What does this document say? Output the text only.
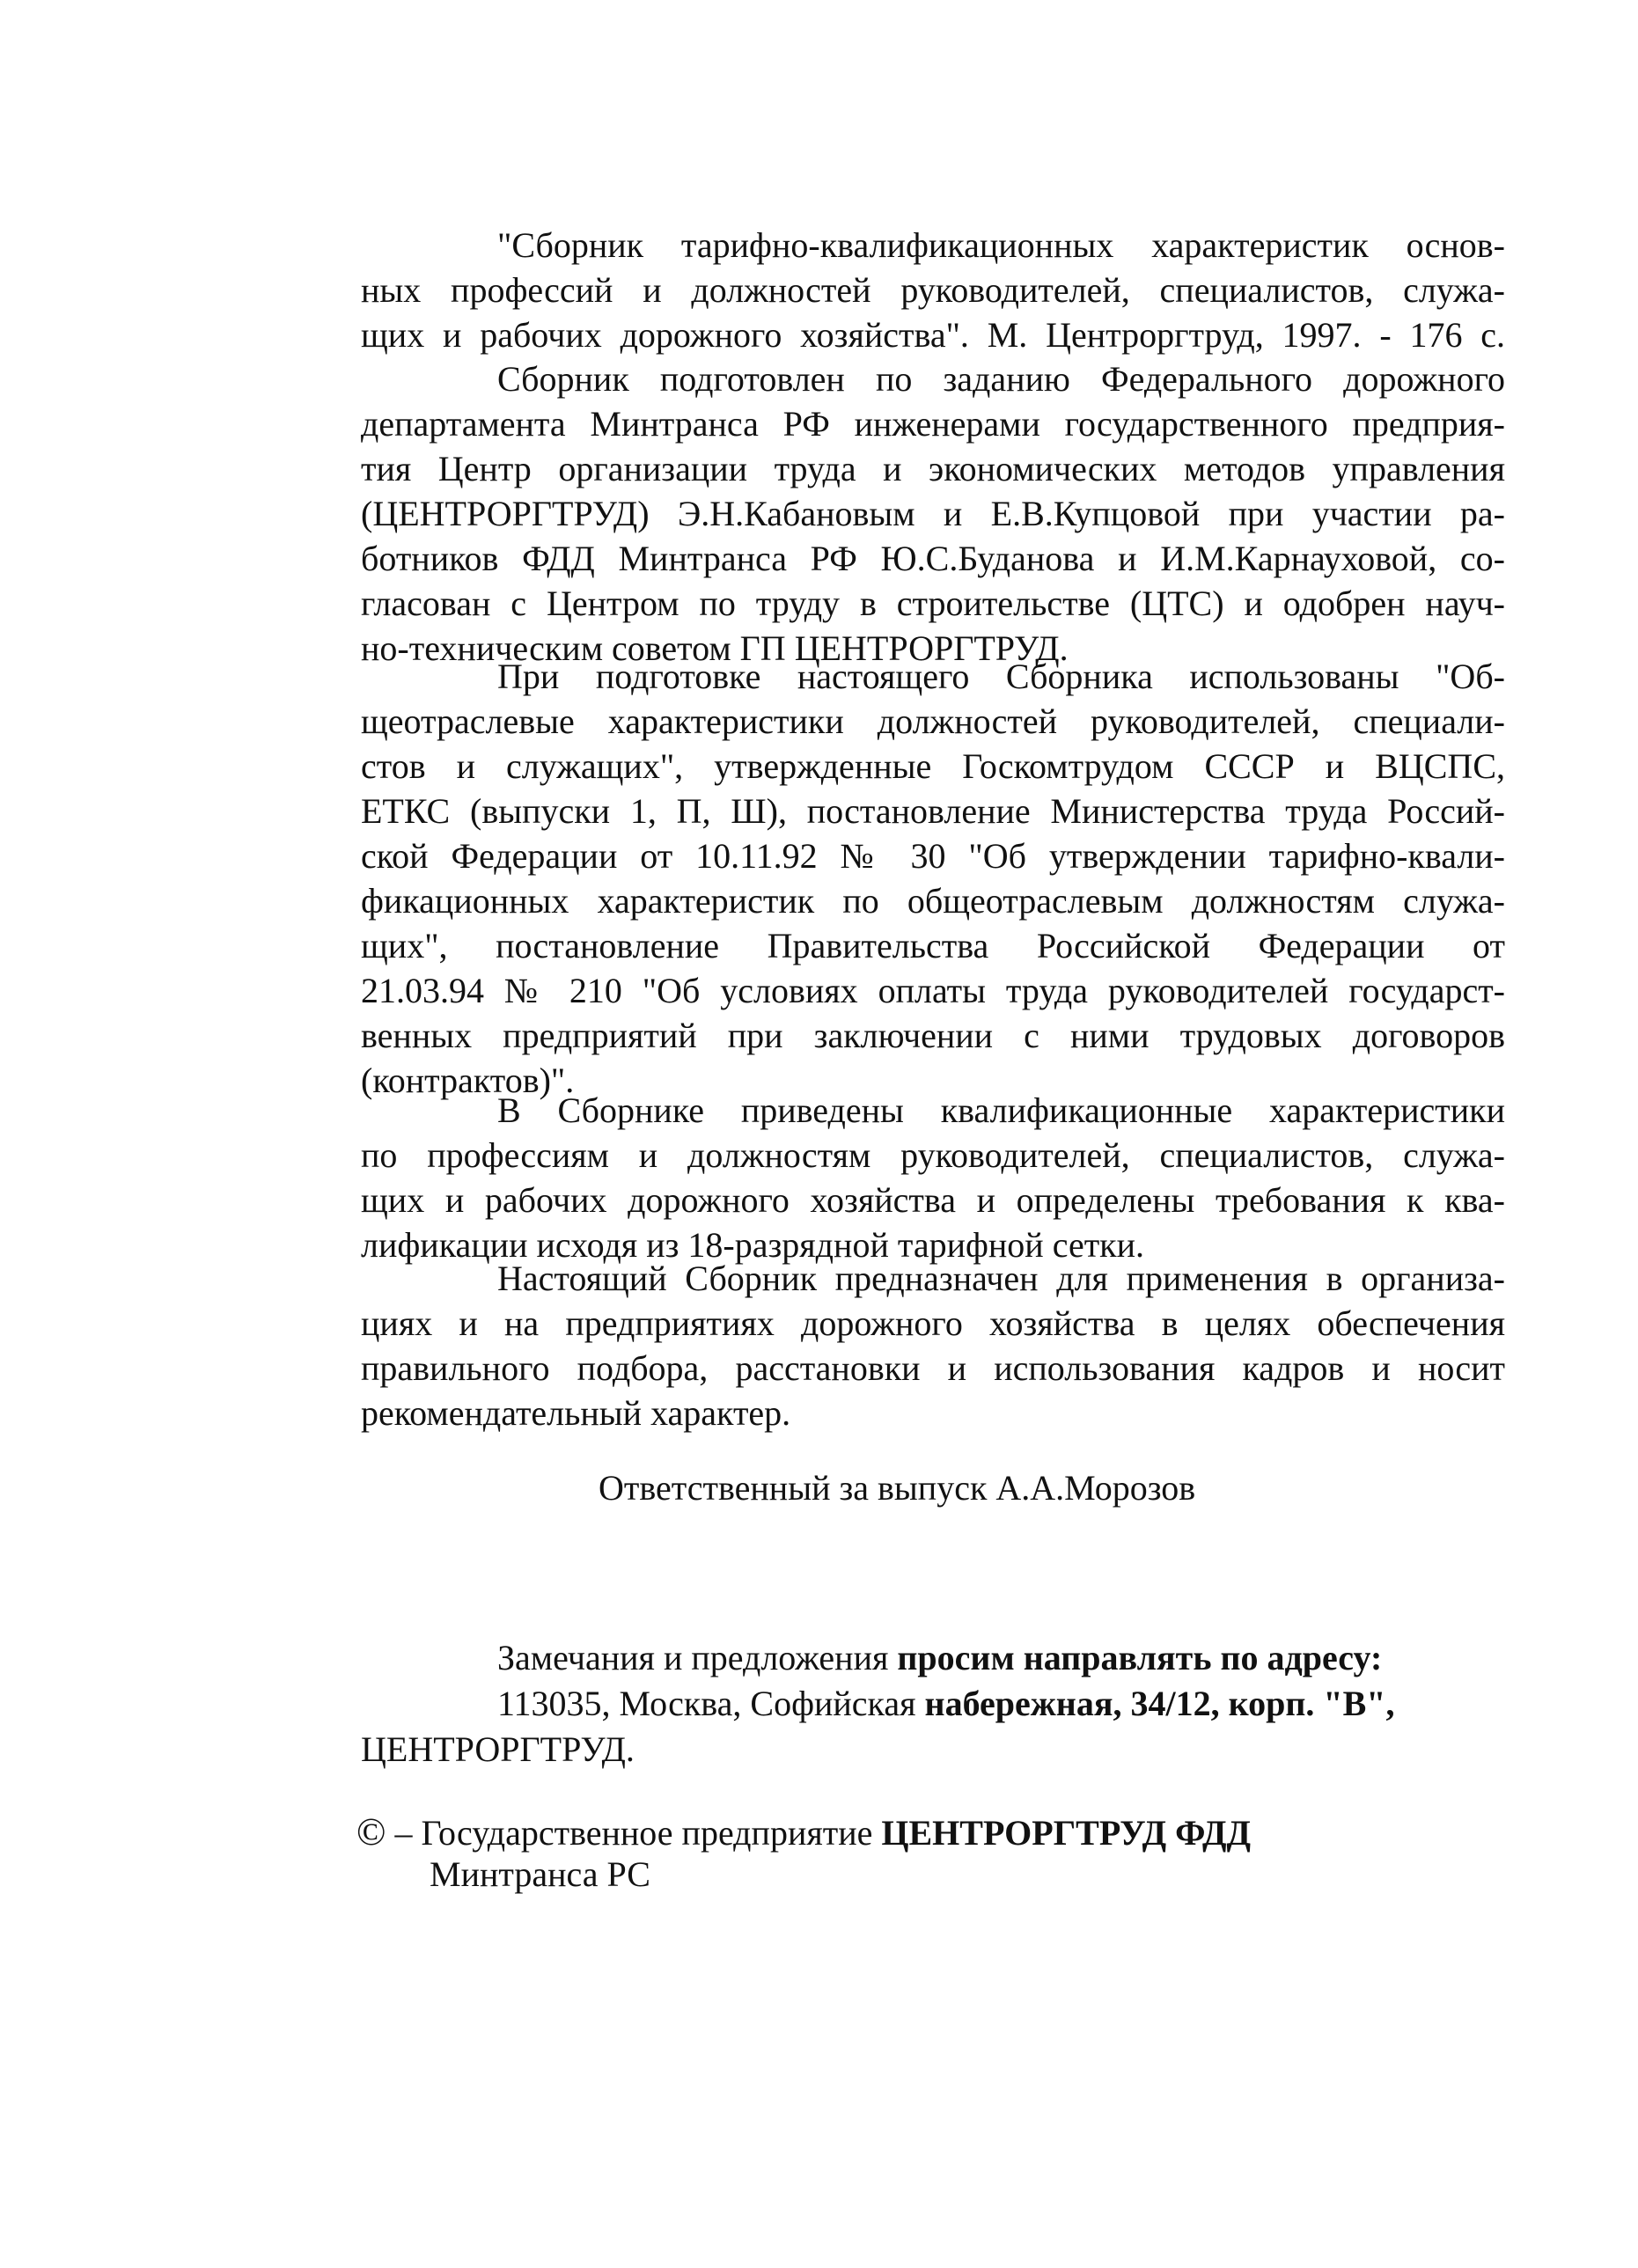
"Сборник тарифно-квалификационных характеристик основ-
ных профессий и должностей руководителей, специалистов, служа-
щих и рабочих дорожного хозяйства". М. Центроргтруд, 1997. - 176 с.
Сборник подготовлен по заданию Федерального дорожного
департамента Минтранса РФ инженерами государственного предприя-
тия Центр организации труда и экономических методов управления
(ЦЕНТРОРГТРУД) Э.Н.Кабановым и Е.В.Купцовой при участии ра-
ботников ФДД Минтранса РФ Ю.С.Буданова и И.М.Карнауховой, со-
гласован с Центром по труду в строительстве (ЦТС) и одобрен науч-
но-техническим советом ГП ЦЕНТРОРГТРУД.
При подготовке настоящего Сборника использованы "Об-
щеотраслевые характеристики должностей руководителей, специали-
стов и служащих", утвержденные Госкомтрудом СССР и ВЦСПС,
ЕТКС (выпуски 1, П, Ш), постановление Министерства труда Россий-
ской Федерации от 10.11.92 № 30 "Об утверждении тарифно-квали-
фикационных характеристик по общеотраслевым должностям служа-
щих", постановление Правительства Российской Федерации от
21.03.94 № 210 "Об условиях оплаты труда руководителей государст-
венных предприятий при заключении с ними трудовых договоров
(контрактов)".
В Сборнике приведены квалификационные характеристики
по профессиям и должностям руководителей, специалистов, служа-
щих и рабочих дорожного хозяйства и определены требования к ква-
лификации исходя из 18-разрядной тарифной сетки.
Настоящий Сборник предназначен для применения в организа-
циях и на предприятиях дорожного хозяйства в целях обеспечения
правильного подбора, расстановки и использования кадров и носит
рекомендательный характер.

Ответственный за выпуск А.А.Морозов

Замечания и предложения просим направлять по адресу:

113035, Москва, Софийская набережная, 34/12, корп. "В",

ЦЕНТРОРГТРУД.

© – Государственное предприятие ЦЕНТРОРГТРУД ФДД

Минтранса РС
